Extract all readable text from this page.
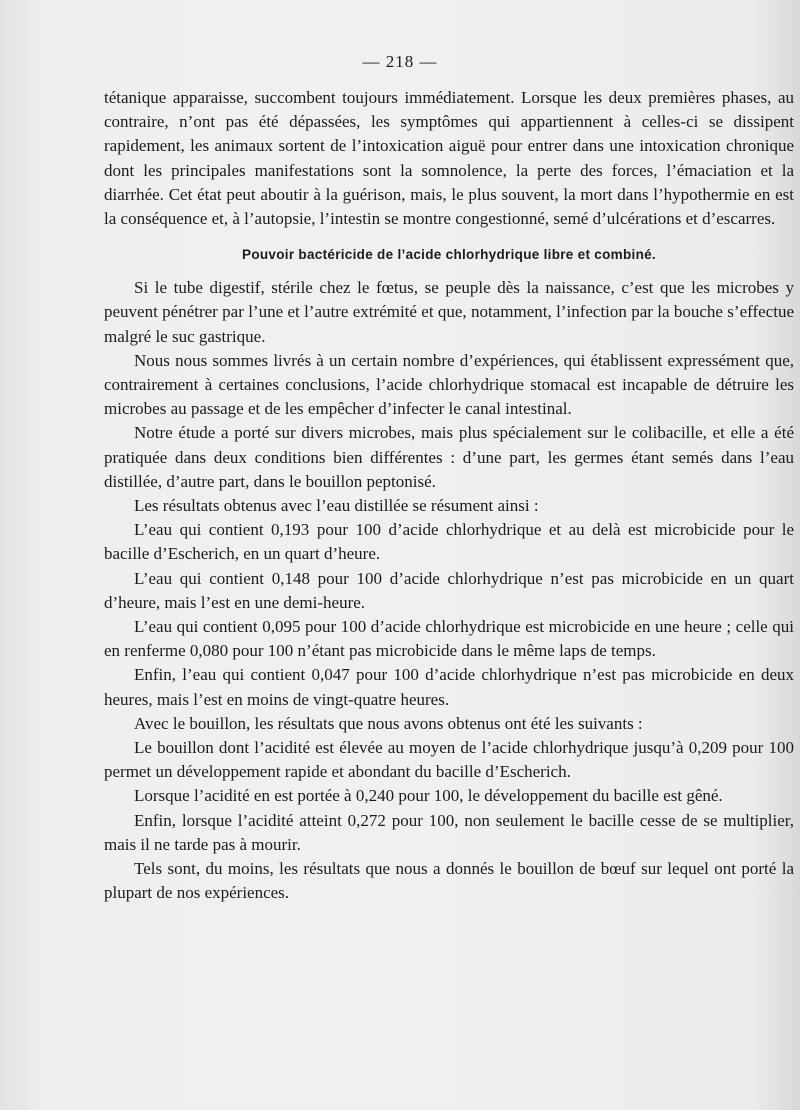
— 218 —

tétanique apparaisse, succombent toujours immédiatement. Lorsque les deux premières phases, au contraire, n’ont pas été dépassées, les symptômes qui appartiennent à celles-ci se dissipent rapidement, les animaux sortent de l’intoxication aiguë pour entrer dans une intoxication chronique dont les principales manifestations sont la somnolence, la perte des forces, l’émaciation et la diarrhée. Cet état peut aboutir à la guérison, mais, le plus souvent, la mort dans l’hypothermie en est la conséquence et, à l’autopsie, l’intestin se montre congestionné, semé d’ulcérations et d’escarres.

Pouvoir bactéricide de l’acide chlorhydrique libre et combiné.

Si le tube digestif, stérile chez le fœtus, se peuple dès la naissance, c’est que les microbes y peuvent pénétrer par l’une et l’autre extrémité et que, notamment, l’infection par la bouche s’effectue malgré le suc gastrique.

Nous nous sommes livrés à un certain nombre d’expériences, qui établissent expressément que, contrairement à certaines conclusions, l’acide chlorhydrique stomacal est incapable de détruire les microbes au passage et de les empêcher d’infecter le canal intestinal.

Notre étude a porté sur divers microbes, mais plus spécialement sur le colibacille, et elle a été pratiquée dans deux conditions bien différentes : d’une part, les germes étant semés dans l’eau distillée, d’autre part, dans le bouillon peptonisé.

Les résultats obtenus avec l’eau distillée se résument ainsi :

L’eau qui contient 0,193 pour 100 d’acide chlorhydrique et au delà est microbicide pour le bacille d’Escherich, en un quart d’heure.

L’eau qui contient 0,148 pour 100 d’acide chlorhydrique n’est pas microbicide en un quart d’heure, mais l’est en une demi-heure.

L’eau qui contient 0,095 pour 100 d’acide chlorhydrique est microbicide en une heure ; celle qui en renferme 0,080 pour 100 n’étant pas microbicide dans le même laps de temps.

Enfin, l’eau qui contient 0,047 pour 100 d’acide chlorhydrique n’est pas microbicide en deux heures, mais l’est en moins de vingt-quatre heures.

Avec le bouillon, les résultats que nous avons obtenus ont été les suivants :

Le bouillon dont l’acidité est élevée au moyen de l’acide chlorhydrique jusqu’à 0,209 pour 100 permet un développement rapide et abondant du bacille d’Escherich.

Lorsque l’acidité en est portée à 0,240 pour 100, le développement du bacille est gêné.

Enfin, lorsque l’acidité atteint 0,272 pour 100, non seulement le bacille cesse de se multiplier, mais il ne tarde pas à mourir.

Tels sont, du moins, les résultats que nous a donnés le bouillon de bœuf sur lequel ont porté la plupart de nos expériences.
